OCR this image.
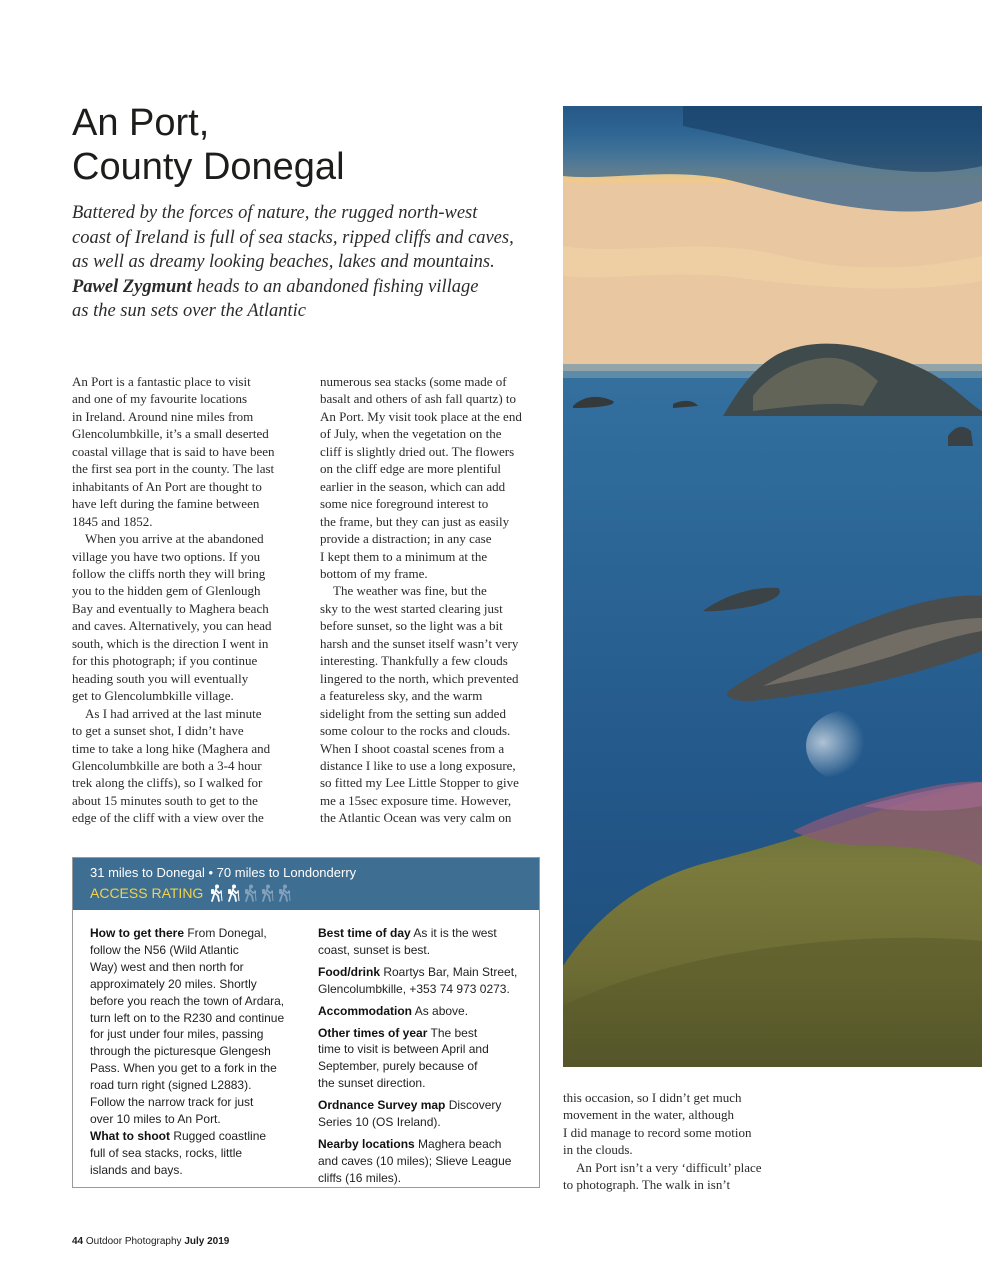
An Port,
County Donegal
Battered by the forces of nature, the rugged north-west
coast of Ireland is full of sea stacks, ripped cliffs and caves,
as well as dreamy looking beaches, lakes and mountains.
Pawel Zygmunt heads to an abandoned fishing village
as the sun sets over the Atlantic
An Port is a fantastic place to visit
and one of my favourite locations
in Ireland. Around nine miles from
Glencolumbkille, it’s a small deserted
coastal village that is said to have been
the first sea port in the county. The last
inhabitants of An Port are thought to
have left during the famine between
1845 and 1852.
When you arrive at the abandoned
village you have two options. If you
follow the cliffs north they will bring
you to the hidden gem of Glenlough
Bay and eventually to Maghera beach
and caves. Alternatively, you can head
south, which is the direction I went in
for this photograph; if you continue
heading south you will eventually
get to Glencolumbkille village.
As I had arrived at the last minute
to get a sunset shot, I didn’t have
time to take a long hike (Maghera and
Glencolumbkille are both a 3-4 hour
trek along the cliffs), so I walked for
about 15 minutes south to get to the
edge of the cliff with a view over the
numerous sea stacks (some made of
basalt and others of ash fall quartz) to
An Port. My visit took place at the end
of July, when the vegetation on the
cliff is slightly dried out. The flowers
on the cliff edge are more plentiful
earlier in the season, which can add
some nice foreground interest to
the frame, but they can just as easily
provide a distraction; in any case
I kept them to a minimum at the
bottom of my frame.
The weather was fine, but the
sky to the west started clearing just
before sunset, so the light was a bit
harsh and the sunset itself wasn’t very
interesting. Thankfully a few clouds
lingered to the north, which prevented
a featureless sky, and the warm
sidelight from the setting sun added
some colour to the rocks and clouds.
When I shoot coastal scenes from a
distance I like to use a long exposure,
so fitted my Lee Little Stopper to give
me a 15sec exposure time. However,
the Atlantic Ocean was very calm on
this occasion, so I didn’t get much
movement in the water, although
I did manage to record some motion
in the clouds.
An Port isn’t a very ‘difficult’ place
to photograph. The walk in isn’t
31 miles to Donegal • 70 miles to Londonderry
ACCESS RATING
How to get there From Donegal,
follow the N56 (Wild Atlantic
Way) west and then north for
approximately 20 miles. Shortly
before you reach the town of Ardara,
turn left on to the R230 and continue
for just under four miles, passing
through the picturesque Glengesh
Pass. When you get to a fork in the
road turn right (signed L2883).
Follow the narrow track for just
over 10 miles to An Port.
What to shoot Rugged coastline
full of sea stacks, rocks, little
islands and bays.
Best time of day As it is the west
coast, sunset is best.
Food/drink Roartys Bar, Main Street,
Glencolumbkille, +353 74 973 0273.
Accommodation As above.
Other times of year The best
time to visit is between April and
September, purely because of
the sunset direction.
Ordnance Survey map Discovery
Series 10 (OS Ireland).
Nearby locations Maghera beach
and caves (10 miles); Slieve League
cliffs (16 miles).
44 Outdoor Photography July 2019
